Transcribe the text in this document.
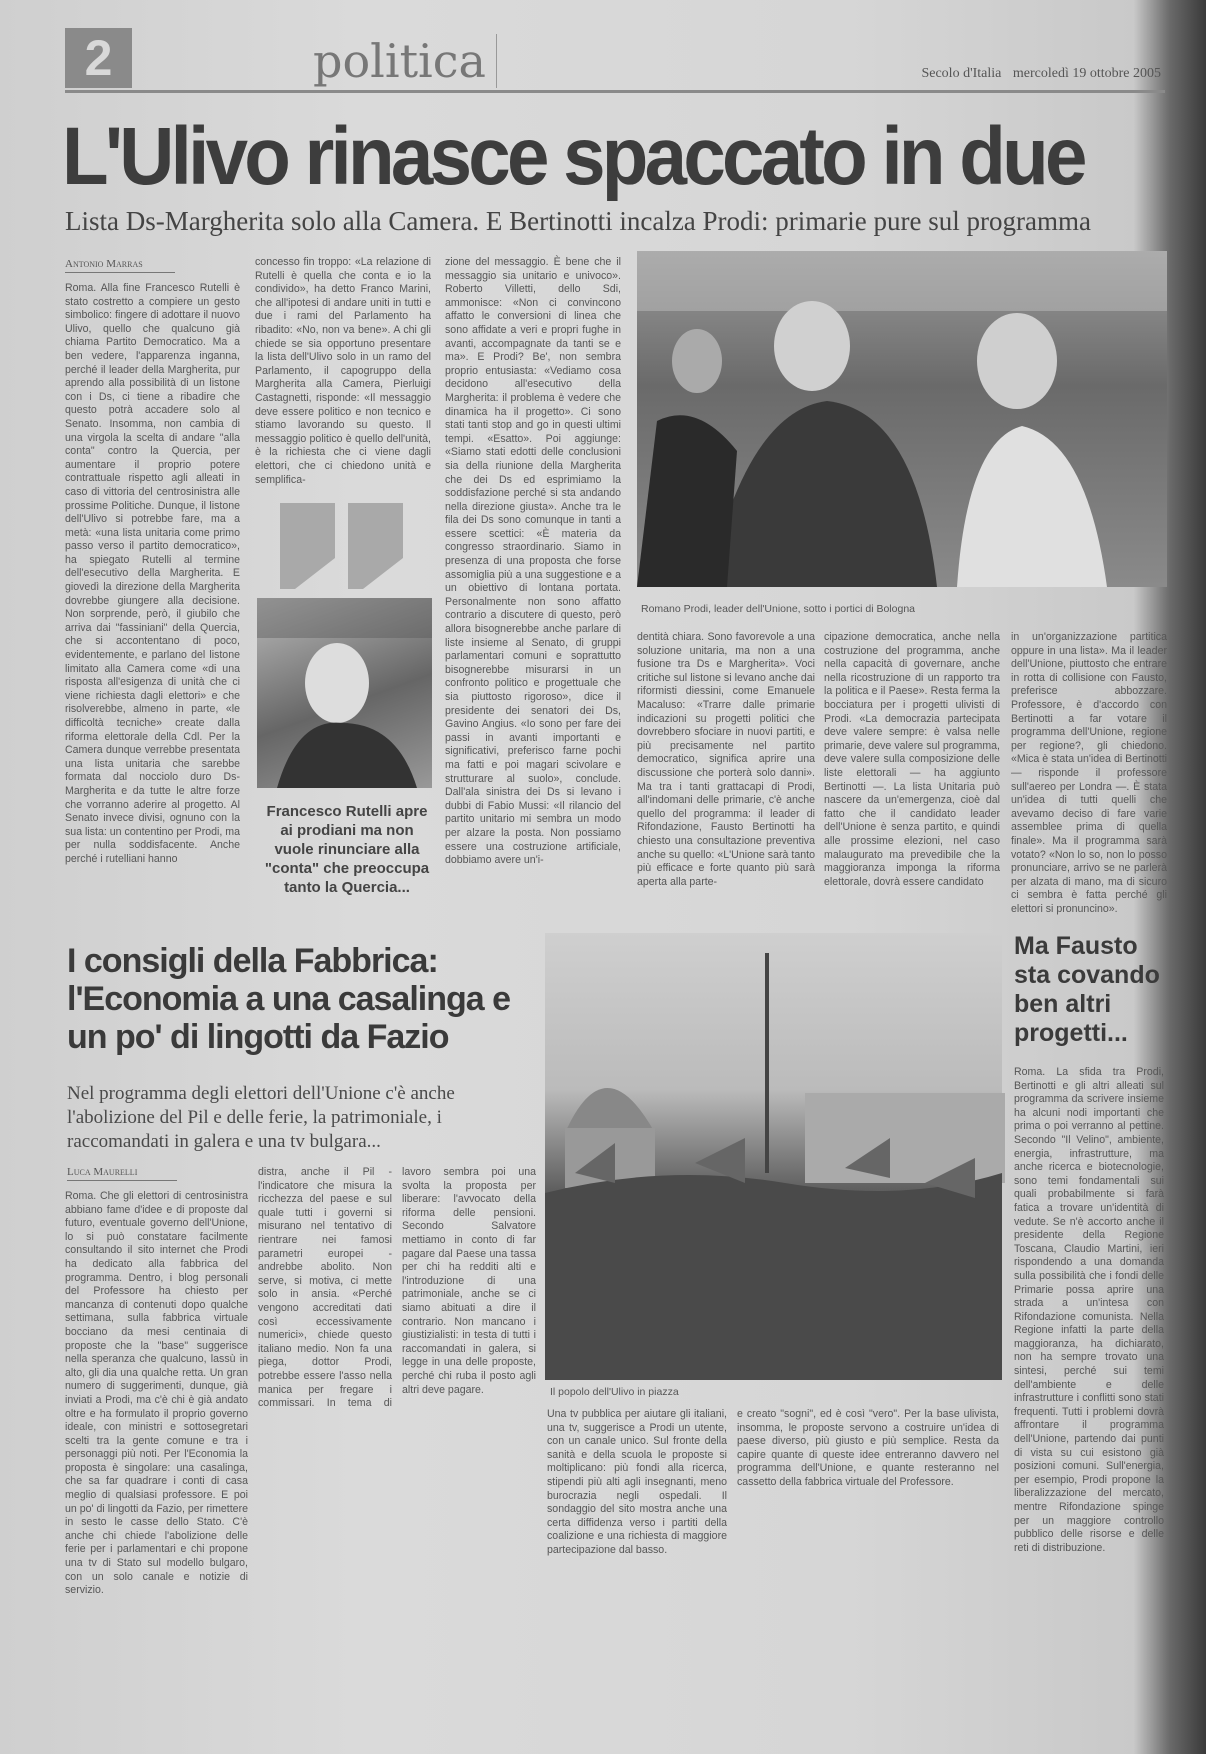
2	politica	Secolo d'Italia mercoledì 19 ottobre 2005
L'Ulivo rinasce spaccato in due
Lista Ds-Margherita solo alla Camera. E Bertinotti incalza Prodi: primarie pure sul programma
Antonio Marras
Roma. Alla fine Francesco Rutelli è stato costretto a compiere un gesto simbolico: fingere di adottare il nuovo Ulivo, quello che qualcuno già chiama Partito Democratico. Ma a ben vedere, l'apparenza inganna, perché il leader della Margherita, pur aprendo alla possibilità di un listone con i Ds, ci tiene a ribadire che questo potrà accadere solo al Senato. Insomma, non cambia di una virgola la scelta di andare "alla conta" contro la Quercia, per aumentare il proprio potere contrattuale rispetto agli alleati in caso di vittoria del centrosinistra alle prossime Politiche. Dunque, il listone dell'Ulivo si potrebbe fare, ma a metà: «una lista unitaria come primo passo verso il partito democratico», ha spiegato Rutelli al termine dell'esecutivo della Margherita. E giovedì la direzione della Margherita dovrebbe giungere alla decisione. Non sorprende, però, il giubilo che arriva dai "fassiniani" della Quercia, che si accontentano di poco, evidentemente, e parlano del listone limitato alla Camera come «di una risposta all'esigenza di unità che ci viene richiesta dagli elettori» e che risolverebbe, almeno in parte, «le difficoltà tecniche» create dalla riforma elettorale della Cdl. Per la Camera dunque verrebbe presentata una lista unitaria che sarebbe formata dal nocciolo duro Ds-Margherita e da tutte le altre forze che vorranno aderire al progetto. Al Senato invece divisi, ognuno con la sua lista: un contentino per Prodi, ma per nulla soddisfacente. Anche perché i rutelliani hanno
concesso fin troppo: «La relazione di Rutelli è quella che conta e io la condivido», ha detto Franco Marini, che all'ipotesi di andare uniti in tutti e due i rami del Parlamento ha ribadito: «No, non va bene». A chi gli chiede se sia opportuno presentare la lista dell'Ulivo solo in un ramo del Parlamento, il capogruppo della Margherita alla Camera, Pierluigi Castagnetti, risponde: «Il messaggio deve essere politico e non tecnico e stiamo lavorando su questo. Il messaggio politico è quello dell'unità, è la richiesta che ci viene dagli elettori, che ci chiedono unità e semplifica-
Francesco Rutelli apre ai prodiani ma non vuole rinunciare alla "conta" che preoccupa tanto la Quercia...
zione del messaggio. È bene che il messaggio sia unitario e univoco». Roberto Villetti, dello Sdi, ammonisce: «Non ci convincono affatto le conversioni di linea che sono affidate a veri e propri fughe in avanti, accompagnate da tanti se e ma». E Prodi? Be', non sembra proprio entusiasta: «Vediamo cosa decidono all'esecutivo della Margherita: il problema è vedere che dinamica ha il progetto». Ci sono stati tanti stop and go in questi ultimi tempi. «Esatto». Poi aggiunge: «Siamo stati edotti delle conclusioni sia della riunione della Margherita che dei Ds ed esprimiamo la soddisfazione perché si sta andando nella direzione giusta». Anche tra le fila dei Ds sono comunque in tanti a essere scettici: «È materia da congresso straordinario. Siamo in presenza di una proposta che forse assomiglia più a una suggestione e a un obiettivo di lontana portata. Personalmente non sono affatto contrario a discutere di questo, però allora bisognerebbe anche parlare di liste insieme al Senato, di gruppi parlamentari comuni e soprattutto bisognerebbe misurarsi in un confronto politico e progettuale che sia piuttosto rigoroso», dice il presidente dei senatori dei Ds, Gavino Angius. «Io sono per fare dei passi in avanti importanti e significativi, preferisco farne pochi ma fatti e poi magari scivolare e strutturare al suolo», conclude. Dall'ala sinistra dei Ds si levano i dubbi di Fabio Mussi: «Il rilancio del partito unitario mi sembra un modo per alzare la posta. Non possiamo essere una costruzione artificiale, dobbiamo avere un'i-
Romano Prodi, leader dell'Unione, sotto i portici di Bologna
dentità chiara. Sono favorevole a una soluzione unitaria, ma non a una fusione tra Ds e Margherita». Voci critiche sul listone si levano anche dai riformisti diessini, come Emanuele Macaluso: «Trarre dalle primarie indicazioni su progetti politici che dovrebbero sfociare in nuovi partiti, e più precisamente nel partito democratico, significa aprire una discussione che porterà solo danni». Ma tra i tanti grattacapi di Prodi, all'indomani delle primarie, c'è anche quello del programma: il leader di Rifondazione, Fausto Bertinotti ha chiesto una consultazione preventiva anche su quello: «L'Unione sarà tanto più efficace e forte quanto più sarà aperta alla parte-
cipazione democratica, anche nella costruzione del programma, anche nella capacità di governare, anche nella ricostruzione di un rapporto tra la politica e il Paese». Resta ferma la bocciatura per i progetti ulivisti di Prodi. «La democrazia partecipata deve valere sempre: è valsa nelle primarie, deve valere sul programma, deve valere sulla composizione delle liste elettorali — ha aggiunto Bertinotti —. La lista Unitaria può nascere da un'emergenza, cioè dal fatto che il candidato leader dell'Unione è senza partito, e quindi alle prossime elezioni, nel caso malaugurato ma prevedibile che la maggioranza imponga la riforma elettorale, dovrà essere candidato
in un'organizzazione partitica oppure in una lista». Ma il leader dell'Unione, piuttosto che entrare in rotta di collisione con Fausto, preferisce abbozzare. Professore, è d'accordo con Bertinotti a far votare il programma dell'Unione, regione per regione?, gli chiedono. «Mica è stata un'idea di Bertinotti — risponde il professore sull'aereo per Londra —. È stata un'idea di tutti quelli che avevamo deciso di fare varie assemblee prima di quella finale». Ma il programma sarà votato? «Non lo so, non lo posso pronunciare, arrivo se ne parlerà per alzata di mano, ma di sicuro ci sembra è fatta perché gli elettori si pronuncino».
I consigli della Fabbrica: l'Economia a una casalinga e un po' di lingotti da Fazio
Nel programma degli elettori dell'Unione c'è anche l'abolizione del Pil e delle ferie, la patrimoniale, i raccomandati in galera e una tv bulgara...
Luca Maurelli
Roma. Che gli elettori di centrosinistra abbiano fame d'idee e di proposte dal futuro, eventuale governo dell'Unione, lo si può constatare facilmente consultando il sito internet che Prodi ha dedicato alla fabbrica del programma. Dentro, i blog personali del Professore ha chiesto per mancanza di contenuti dopo qualche settimana, sulla fabbrica virtuale bocciano da mesi centinaia di proposte che la "base" suggerisce nella speranza che qualcuno, lassù in alto, gli dia una qualche retta. Un gran numero di suggerimenti, dunque, già inviati a Prodi, ma c'è chi è già andato oltre e ha formulato il proprio governo ideale, con ministri e sottosegretari scelti tra la gente comune e tra i personaggi più noti. Per l'Economia la proposta è singolare: una casalinga, che sa far quadrare i conti di casa meglio di qualsiasi professore. E poi un po' di lingotti da Fazio, per rimettere in sesto le casse dello Stato. C'è anche chi chiede l'abolizione delle ferie per i parlamentari e chi propone una tv di Stato sul modello bulgaro, con un solo canale e notizie di servizio.
distra, anche il Pil - l'indicatore che misura la ricchezza del paese e sul quale tutti i governi si misurano nel tentativo di rientrare nei famosi parametri europei - andrebbe abolito. Non serve, si motiva, ci mette solo in ansia. «Perché vengono accreditati dati così eccessivamente numerici», chiede questo italiano medio. Non fa una piega, dottor Prodi, potrebbe essere l'asso nella manica per fregare i commissari. In tema di lavoro sembra poi una svolta la proposta per liberare: l'avvocato della riforma delle pensioni. Secondo Salvatore mettiamo in conto di far pagare dal Paese una tassa per chi ha redditi alti e l'introduzione di una patrimoniale, anche se ci siamo abituati a dire il contrario. Non mancano i giustizialisti: in testa di tutti i raccomandati in galera, si legge in una delle proposte, perché chi ruba il posto agli altri deve pagare.	Il popolo dell'Ulivo in piazza
Una tv pubblica per aiutare gli italiani, una tv, suggerisce a Prodi un utente, con un canale unico. Sul fronte della sanità e della scuola le proposte si moltiplicano: più fondi alla ricerca, stipendi più alti agli insegnanti, meno burocrazia negli ospedali. Il sondaggio del sito mostra anche una certa diffidenza verso i partiti della coalizione e una richiesta di maggiore partecipazione dal basso.
e creato "sogni", ed è così "vero". Per la base ulivista, insomma, le proposte servono a costruire un'idea di paese diverso, più giusto e più semplice. Resta da capire quante di queste idee entreranno davvero nel programma dell'Unione, e quante resteranno nel cassetto della fabbrica virtuale del Professore.
Ma Fausto sta covando ben altri progetti...
Roma. La sfida tra Prodi, Bertinotti e gli altri alleati sul programma da scrivere insieme ha alcuni nodi importanti che prima o poi verranno al pettine. Secondo "Il Velino", ambiente, energia, infrastrutture, ma anche ricerca e biotecnologie, sono temi fondamentali sui quali probabilmente si farà fatica a trovare un'identità di vedute. Se n'è accorto anche il presidente della Regione Toscana, Claudio Martini, ieri rispondendo a una domanda sulla possibilità che i fondi delle Primarie possa aprire una strada a un'intesa con Rifondazione comunista. Nella Regione infatti la parte della maggioranza, ha dichiarato, non ha sempre trovato una sintesi, perché sui temi dell'ambiente e delle infrastrutture i conflitti sono stati frequenti. Tutti i problemi dovrà affrontare il programma dell'Unione, partendo dai punti di vista su cui esistono già posizioni comuni. Sull'energia, per esempio, Prodi propone la liberalizzazione del mercato, mentre Rifondazione spinge per un maggiore controllo pubblico delle risorse e delle reti di distribuzione.
